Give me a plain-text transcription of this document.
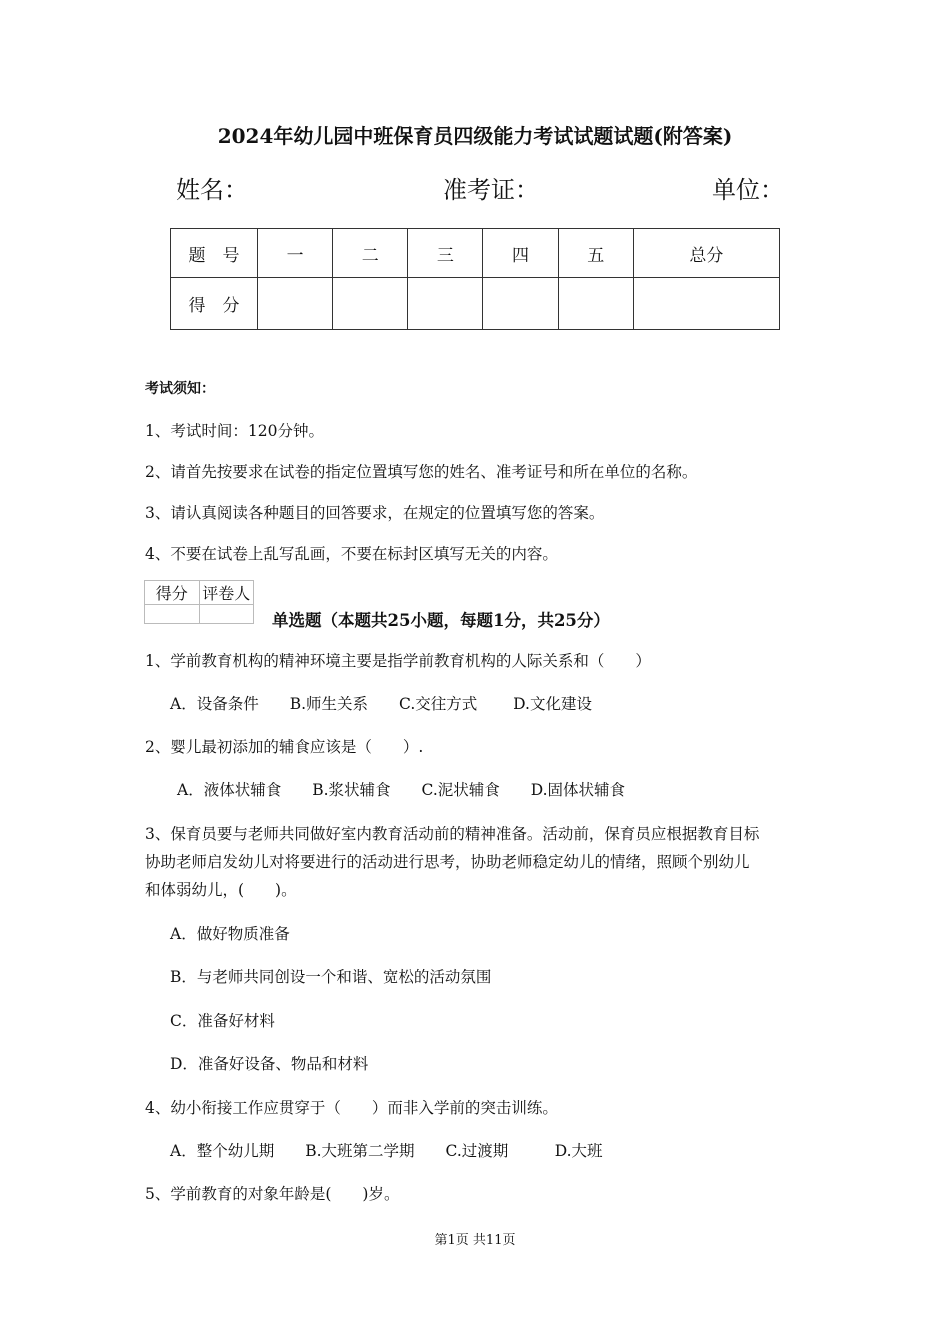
2024年幼儿园中班保育员四级能力考试试题试题(附答案)
姓名：	准考证：	单位：
题　号	一	二	三	四	五	总分
得　分						
考试须知：
1、考试时间：120分钟。
2、请首先按要求在试卷的指定位置填写您的姓名、准考证号和所在单位的名称。
3、请认真阅读各种题目的回答要求，在规定的位置填写您的答案。
4、不要在试卷上乱写乱画，不要在标封区填写无关的内容。
得分	评卷人

单选题（本题共25小题，每题1分，共25分）
1、学前教育机构的精神环境主要是指学前教育机构的人际关系和（　　）
A．设备条件　　B.师生关系　　C.交往方式　　 D.文化建设
2、婴儿最初添加的辅食应该是（　　）.
A．液体状辅食　　B.浆状辅食　　C.泥状辅食　　D.固体状辅食
3、保育员要与老师共同做好室内教育活动前的精神准备。活动前，保育员应根据教育目标
协助老师启发幼儿对将要进行的活动进行思考，协助老师稳定幼儿的情绪，照顾个别幼儿
和体弱幼儿，(　　)。
A．做好物质准备
B．与老师共同创设一个和谐、宽松的活动氛围
C．准备好材料
D．准备好设备、物品和材料
4、幼小衔接工作应贯穿于（　　）而非入学前的突击训练。
A．整个幼儿期　　B.大班第二学期　　C.过渡期　　　D.大班
5、学前教育的对象年龄是(　　)岁。
第1页 共11页
